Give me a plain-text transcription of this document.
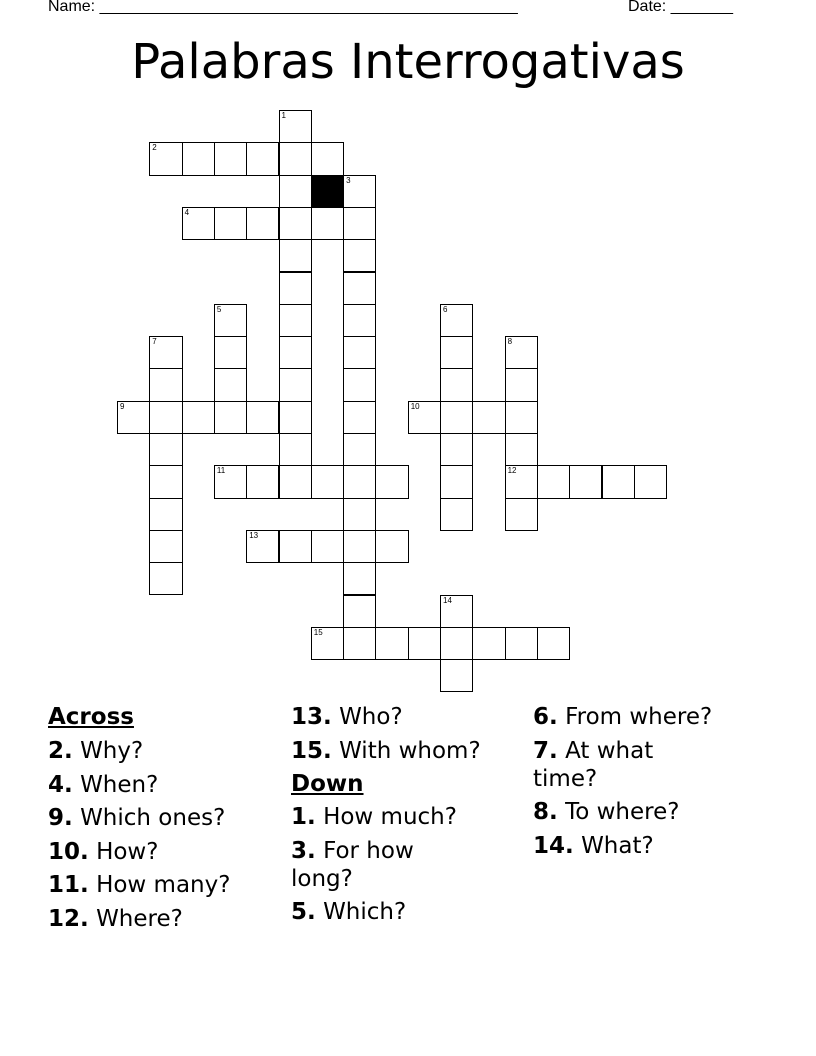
Name: _______________________________________________	Date: _______
Palabras Interrogativas
1
2
3
4
5	6
7	8
12
9	10
11
13
14
15
Across
2. Why?
4. When?
9. Which ones?
10. How?
11. How many?
12. Where?
13. Who?
15. With whom?
Down
1. How much?
3. For how long?
5. Which?
6. From where?
7. At what time?
8. To where?
14. What?
